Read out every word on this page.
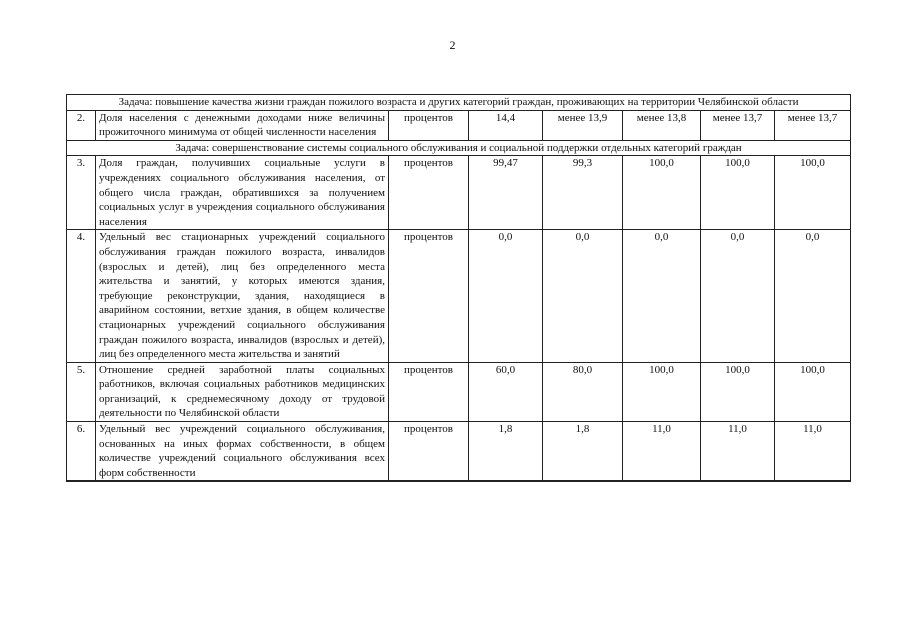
2
Задача: повышение качества жизни граждан пожилого возраста и других категорий граждан, проживающих на территории Челябинской области							
2.	Доля населения с денежными доходами ниже величины прожиточного минимума от общей численности населения	процентов	14,4	менее 13,9	менее 13,8	менее 13,7	менее 13,7
Задача: совершенствование системы социального обслуживания и социальной поддержки отдельных категорий граждан							
3.	Доля граждан, получивших социальные услуги в учреждениях социального обслуживания населения, от общего числа граждан, обратившихся за получением социальных услуг в учреждения социального обслуживания населения	процентов	99,47	99,3	100,0	100,0	100,0
4.	Удельный вес стационарных учреждений социального обслуживания граждан пожилого возраста, инвалидов (взрослых и детей), лиц без определенного места жительства и занятий, у которых имеются здания, требующие реконструкции, здания, находящиеся в аварийном состоянии, ветхие здания, в общем количестве стационарных учреждений социального обслуживания граждан пожилого возраста, инвалидов (взрослых и детей), лиц без определенного места жительства и занятий	процентов	0,0	0,0	0,0	0,0	0,0
5.	Отношение средней заработной платы социальных работников, включая социальных работников медицинских организаций, к среднемесячному доходу от трудовой деятельности по Челябинской области	процентов	60,0	80,0	100,0	100,0	100,0
6.	Удельный вес учреждений социального обслуживания, основанных на иных формах собственности, в общем количестве учреждений социального обслуживания всех форм собственности	процентов	1,8	1,8	11,0	11,0	11,0
